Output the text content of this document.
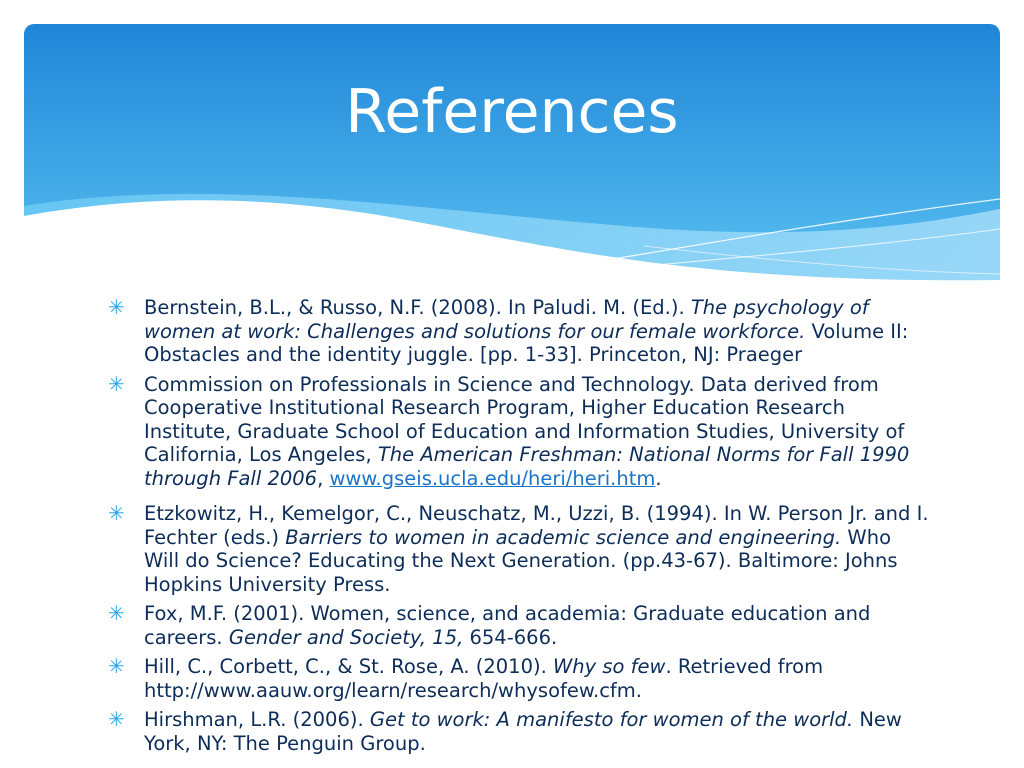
References
✳ Bernstein, B.L., & Russo, N.F. (2008). In Paludi. M. (Ed.). The psychology of women at work: Challenges and solutions for our female workforce. Volume II: Obstacles and the identity juggle. [pp. 1-33]. Princeton, NJ: Praeger
✳ Commission on Professionals in Science and Technology. Data derived from Cooperative Institutional Research Program, Higher Education Research Institute, Graduate School of Education and Information Studies, University of California, Los Angeles, The American Freshman: National Norms for Fall 1990 through Fall 2006, www.gseis.ucla.edu/heri/heri.htm.
✳ Etzkowitz, H., Kemelgor, C., Neuschatz, M., Uzzi, B. (1994). In W. Person Jr. and I. Fechter (eds.) Barriers to women in academic science and engineering. Who Will do Science? Educating the Next Generation. (pp.43-67). Baltimore: Johns Hopkins University Press.
✳ Fox, M.F. (2001). Women, science, and academia: Graduate education and careers. Gender and Society, 15, 654-666.
✳ Hill, C., Corbett, C., & St. Rose, A. (2010). Why so few. Retrieved from http://www.aauw.org/learn/research/whysofew.cfm.
✳ Hirshman, L.R. (2006). Get to work: A manifesto for women of the world. New York, NY: The Penguin Group.
